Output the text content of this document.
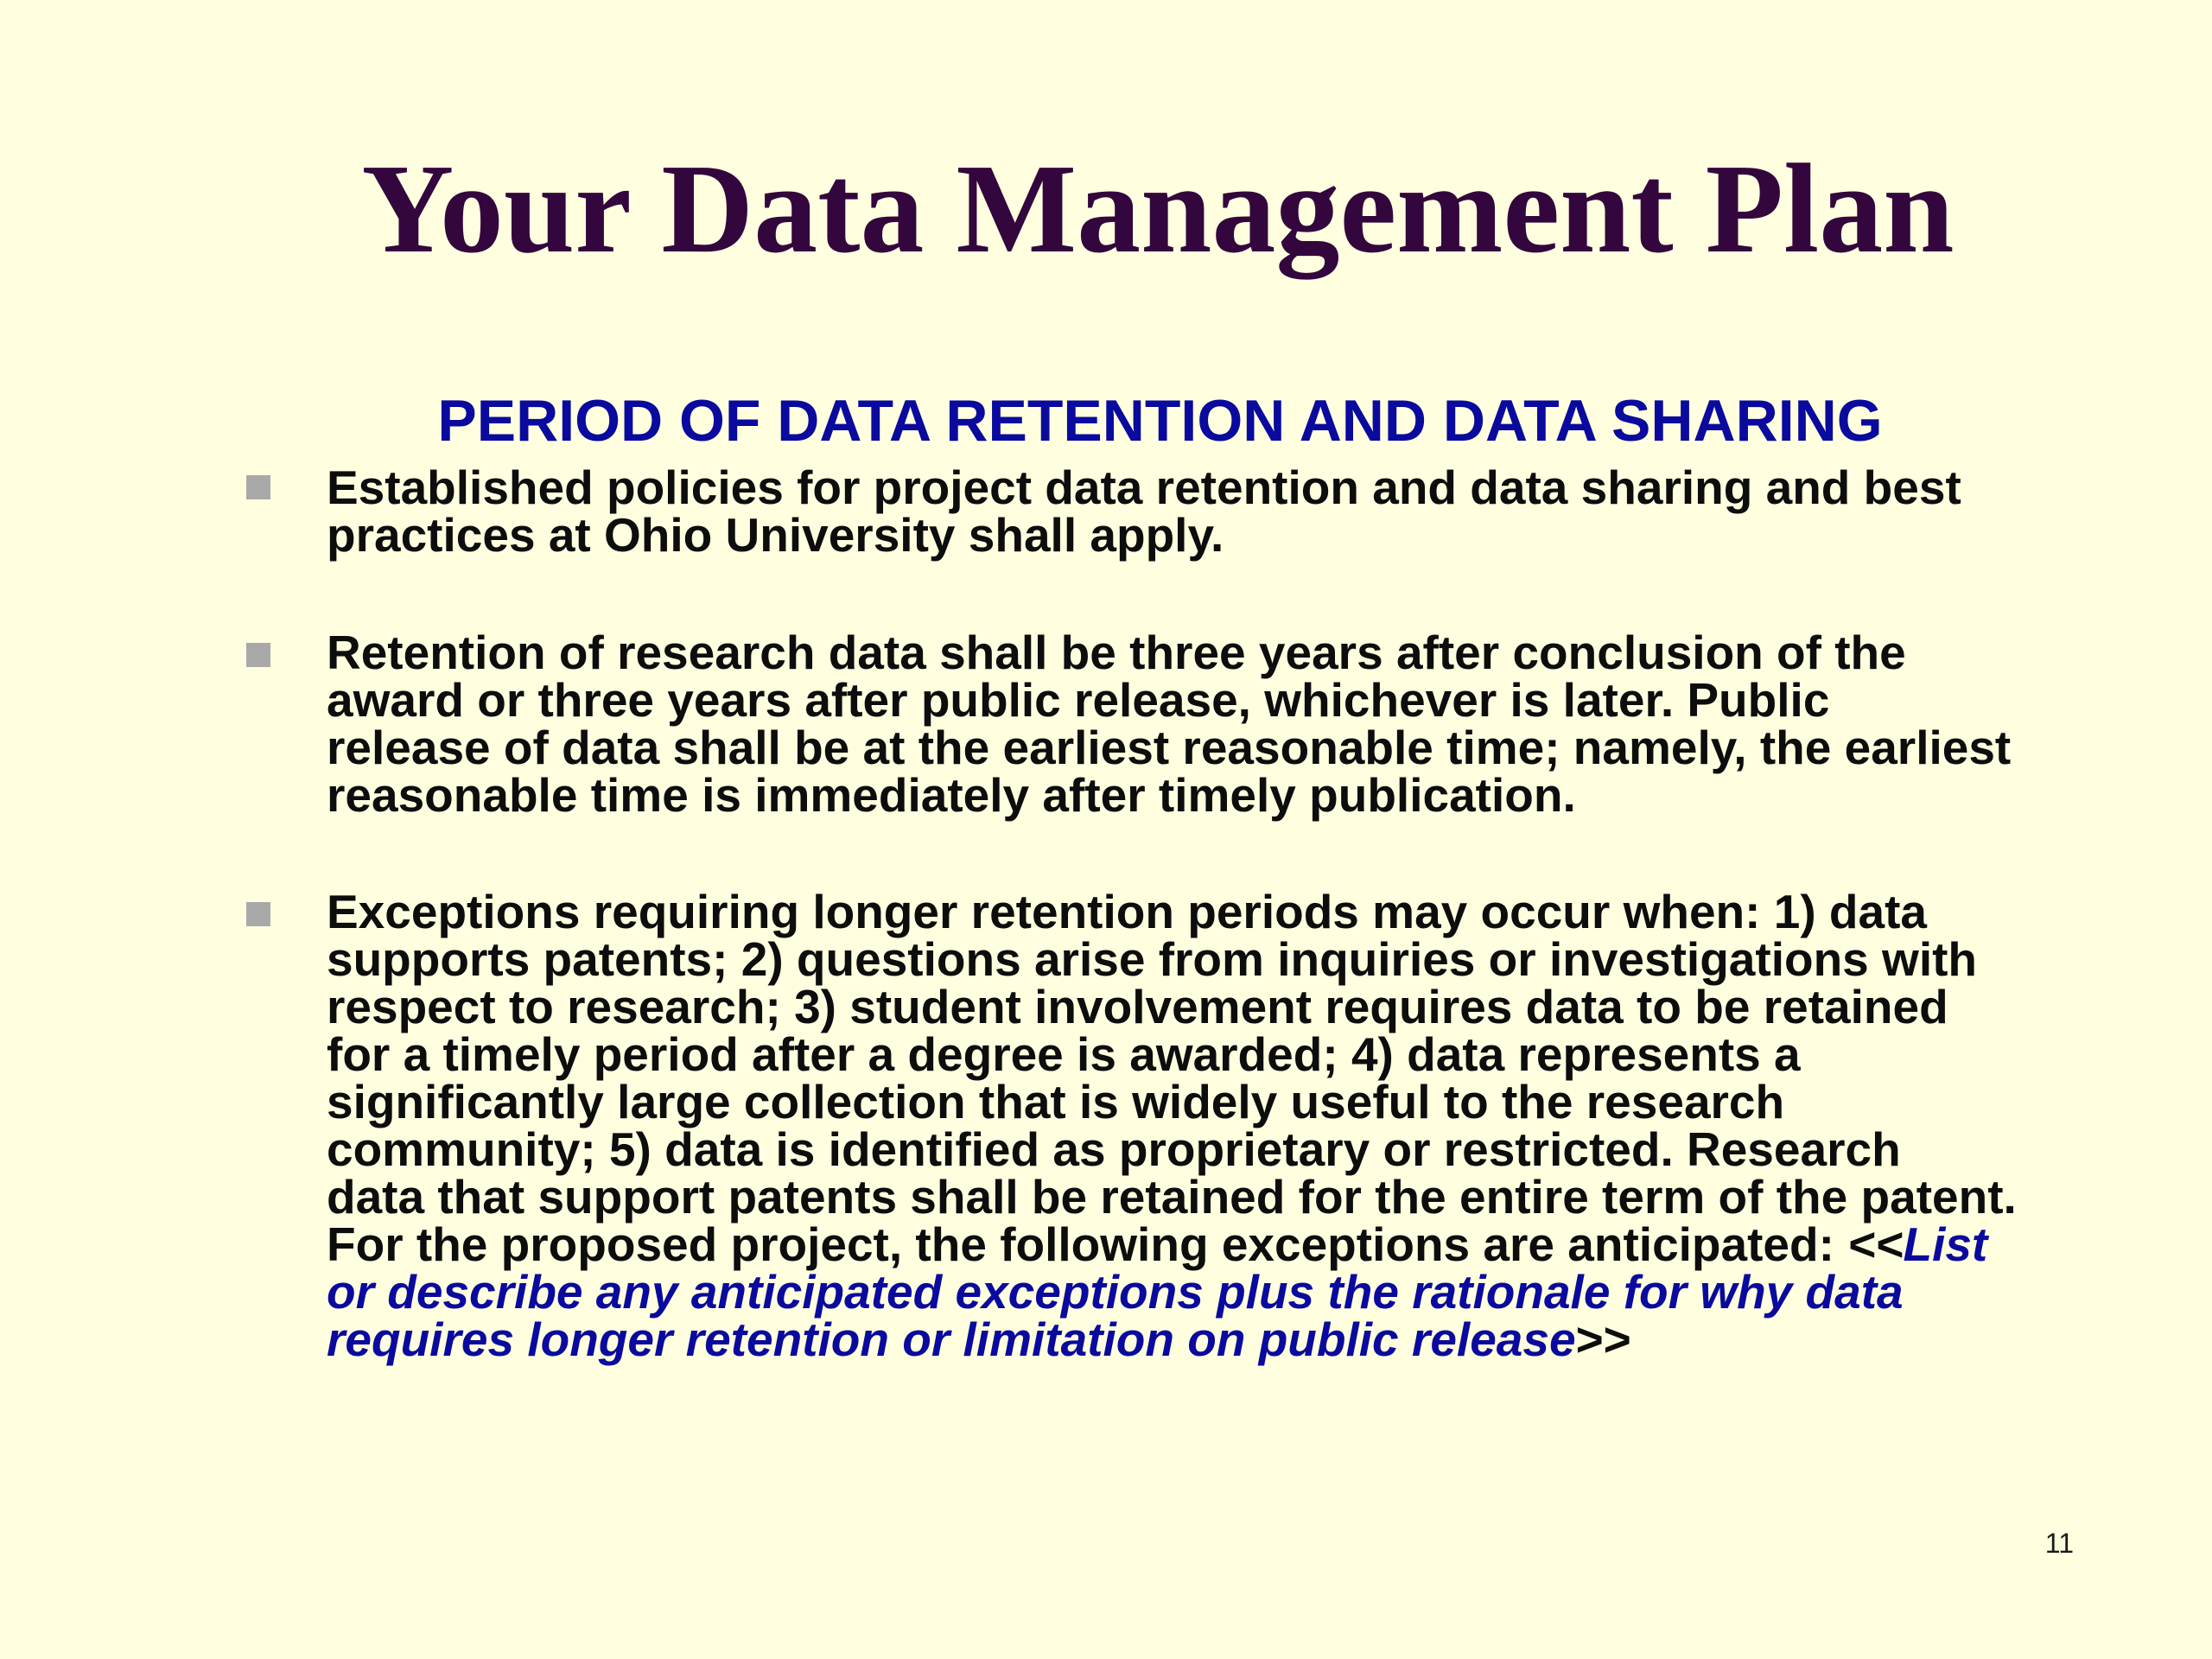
Your Data Management Plan
PERIOD OF DATA RETENTION AND DATA SHARING
Established policies for project data retention and data sharing and best
practices at Ohio University shall apply.
Retention of research data shall be three years after conclusion of the
award or three years after public release, whichever is later. Public
release of data shall be at the earliest reasonable time; namely, the earliest
reasonable time is immediately after timely publication.
Exceptions requiring longer retention periods may occur when: 1) data
supports patents; 2) questions arise from inquiries or investigations with
respect to research; 3) student involvement requires data to be retained
for a timely period after a degree is awarded; 4) data represents a
significantly large collection that is widely useful to the research
community; 5) data is identified as proprietary or restricted. Research
data that support patents shall be retained for the entire term of the patent.
For the proposed project, the following exceptions are anticipated: <<List
or describe any anticipated exceptions plus the rationale for why data
requires longer retention or limitation on public release>>
11
